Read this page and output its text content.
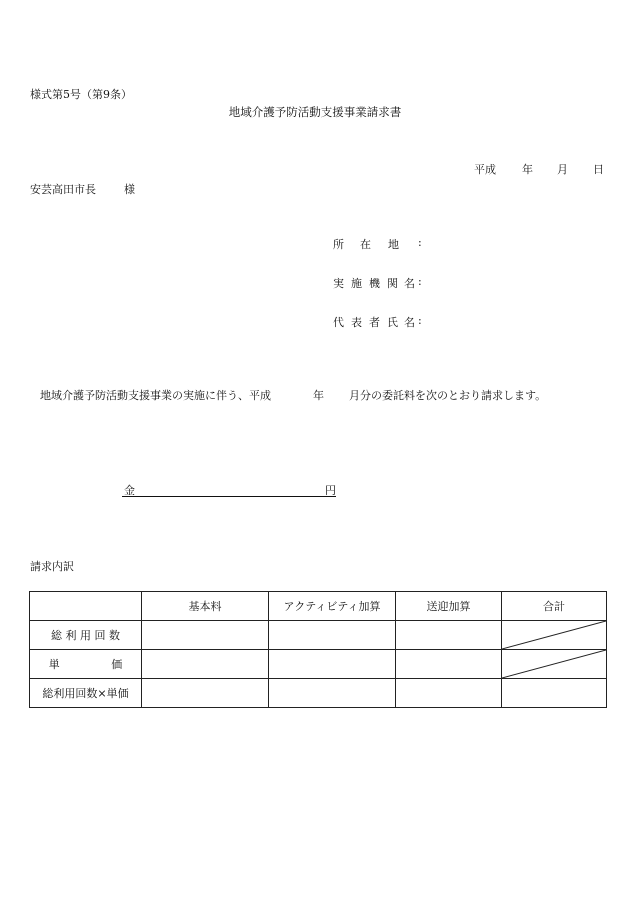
様式第5号（第9条）
地域介護予防活動支援事業請求書
平成 年 月 日
安芸高田市長	様
所 在 地 :
実 施 機 関 名 :
代 表 者 氏 名 :
地域介護予防活動支援事業の実施に伴う、平成	年 月分の委託料を次のとおり請求します。
金	円
請求内訳
	基本料	アクティビティ加算	送迎加算	合計
総 利 用 回 数				

単 価				

総利用回数×単価				
